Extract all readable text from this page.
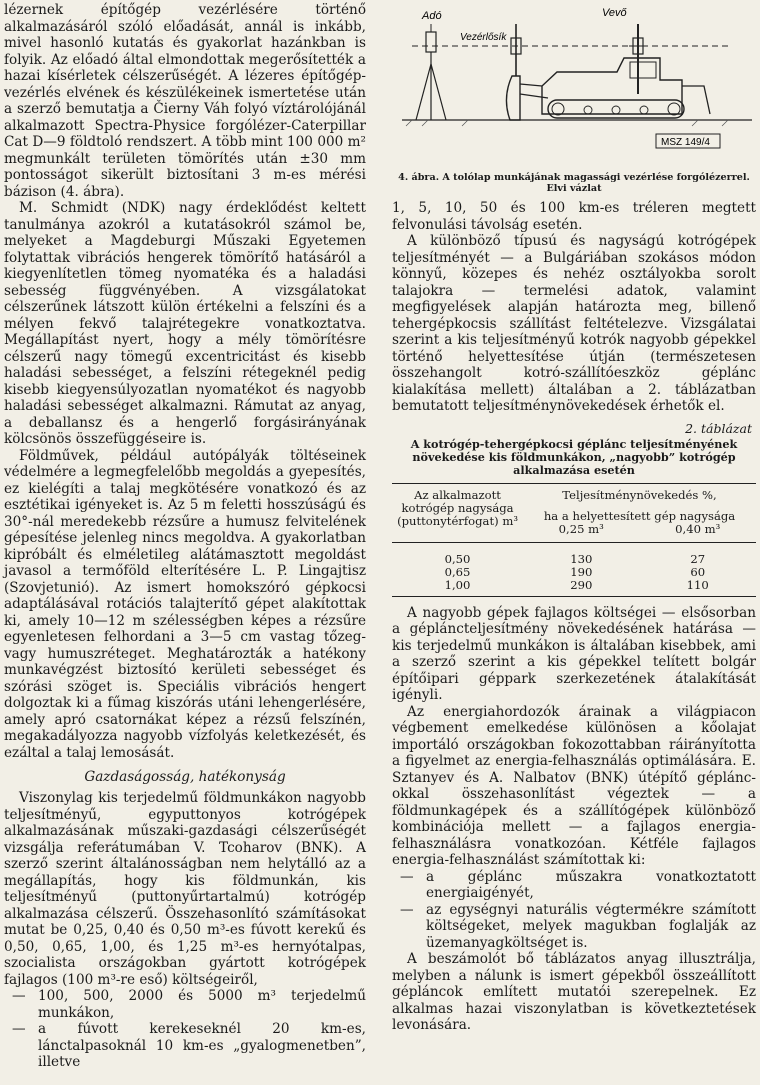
lézernek építőgép vezérlésére történő alkalmazásáról szóló előadását, annál is inkább, mivel hasonló kutatás és gyakorlat hazánkban is folyik. Az előadó által elmondottak megerősítették a hazai kísérletek célszerűségét. A lézeres építőgép-vezérlés elvének és készülékeinek ismertetése után a szerző bemutatja a Čierny Váh folyó víztárolójánál alkalmazott Spectra-Physice forgólézer-Caterpillar Cat D—9 földtoló rendszert. A több mint 100 000 m² megmunkált területen tömörítés után ±30 mm pontosságot sikerült biztosítani 3 m-es mérési bázison (4. ábra).

M. Schmidt (NDK) nagy érdeklődést keltett tanulmánya azokról a kutatásokról számol be, melyeket a Magdeburgi Műszaki Egyetemen folytattak vibrációs hengerek tömörítő hatásáról a kiegyenlítetlen tömeg nyomatéka és a haladási sebesség függvényében. A vizsgálatokat célszerűnek látszott külön értékelni a felszíni és a mélyen fekvő talajrétegekre vonatkoztatva. Megállapítást nyert, hogy a mély tömörítésre célszerű nagy tömegű excentricitást és kisebb haladási sebességet, a felszíni rétegeknél pedig kisebb kiegyensúlyozatlan nyomatékot és nagyobb haladási sebességet alkalmazni. Rámutat az anyag, a deballansz és a hengerlő forgásirányának kölcsönös összefüggéseire is.

Földművek, például autópályák töltéseinek védelmére a legmegfelelőbb megoldás a gyepesítés, ez kielégíti a talaj megkötésére vonatkozó és az esztétikai igényeket is. Az 5 m feletti hosszúságú és 30°-nál meredekebb rézsűre a humusz felvitelének gépesítése jelenleg nincs megoldva. A gyakorlatban kipróbált és elméletileg alátámasztott megoldást javasol a termőföld elterítésére L. P. Lingajtisz (Szovjetunió). Az ismert homokszóró gépkocsi adaptálásával rotációs talajterítő gépet alakítottak ki, amely 10—12 m szélességben képes a rézsűre egyenletesen felhordani a 3—5 cm vastag tőzeg- vagy humuszréteget. Meghatározták a hatékony munkavégzést biztosító kerületi sebességet és szórási szöget is. Speciális vibrációs hengert dolgoztak ki a fűmag kiszórás utáni lehengerlésére, amely apró csatornákat képez a rézsű felszínén, megakadályozza nagyobb vízfolyás keletkezését, és ezáltal a talaj lemosását.

Gazdaságosság, hatékonyság

Viszonylag kis terjedelmű földmunkákon nagyobb teljesítményű, egyputtonyos kotrógépek alkalmazásának műszaki-gazdasági célszerűségét vizsgálja referátumában V. Tcoharov (BNK). A szerző szerint általánosságban nem helytálló az a megállapítás, hogy kis földmunkán, kis teljesítményű (puttonyűrtartalmú) kotrógép alkalmazása célszerű. Összehasonlító számításokat mutat be 0,25, 0,40 és 0,50 m³-es fúvott kerekű és 0,50, 0,65, 1,00, és 1,25 m³-es hernyótalpas, szocialista országokban gyártott kotrógépek fajlagos (100 m³-re eső) költségeiről,

— 100, 500, 2000 és 5000 m³ terjedelmű munkákon,
— a fúvott kerekeseknél 20 km-es, lánctalpasoknál 10 km-es „gyalogmenetben”, illetve
Adó	Vevő
Vezérlősík
MSZ 149/4
4. ábra. A tolólap munkájának magassági vezérlése forgólézerrel. Elvi vázlat

1, 5, 10, 50 és 100 km-es tréleren megtett felvonulási távolság esetén.

A különböző típusú és nagyságú kotrógépek teljesítményét — a Bulgáriában szokásos módon könnyű, közepes és nehéz osztályokba sorolt talajokra — termelési adatok, valamint megfigyelések alapján határozta meg, billenő tehergépkocsis szállítást feltételezve. Vizsgálatai szerint a kis teljesítményű kotrók nagyobb gépekkel történő helyettesítése útján (természetesen összehangolt kotró-szállítóeszköz géplánc kialakítása mellett) általában a 2. táblázatban bemutatott teljesítménynövekedések érhetők el.

2. táblázat
A kotrógép-tehergépkocsi géplánc teljesítményének növekedése kis földmunkákon, „nagyobb” kotrógép alkalmazása esetén

Az alkalmazott kotrógép nagysága (puttonytérfogat) m³	Teljesítménynövekedés %,	
	ha a helyettesített gép nagysága	
	0,25 m³	0,40 m³

0,50	130	27
0,65	190	60
1,00	290	110

A nagyobb gépek fajlagos költségei — elsősorban a gépláncteljesítmény növekedésének határása — kis terjedelmű munkákon is általában kisebbek, ami a szerző szerint a kis gépekkel telített bolgár építőipari géppark szerkezetének átalakítását igényli.

Az energiahordozók árainak a világpiacon végbement emelkedése különösen a kőolajat importáló országokban fokozottabban ráirányította a figyelmet az energia-felhasználás optimálására. E. Sztanyev és A. Nalbatov (BNK) útépítő géplánc-okkal összehasonlítást végeztek — a földmunkagépek és a szállítógépek különböző kombinációja mellett — a fajlagos energia-felhasználásra vonatkozóan. Kétféle fajlagos energia-felhasználást számítottak ki:

— a géplánc műszakra vonatkoztatott energiaigényét,
— az egységnyi naturális végtermékre számított költségeket, melyek magukban foglalják az üzemanyagköltséget is.

A beszámolót bő táblázatos anyag illusztrálja, melyben a nálunk is ismert gépekből összeállított gépláncok említett mutatói szerepelnek. Ez alkalmas hazai viszonylatban is következtetések levonására.
